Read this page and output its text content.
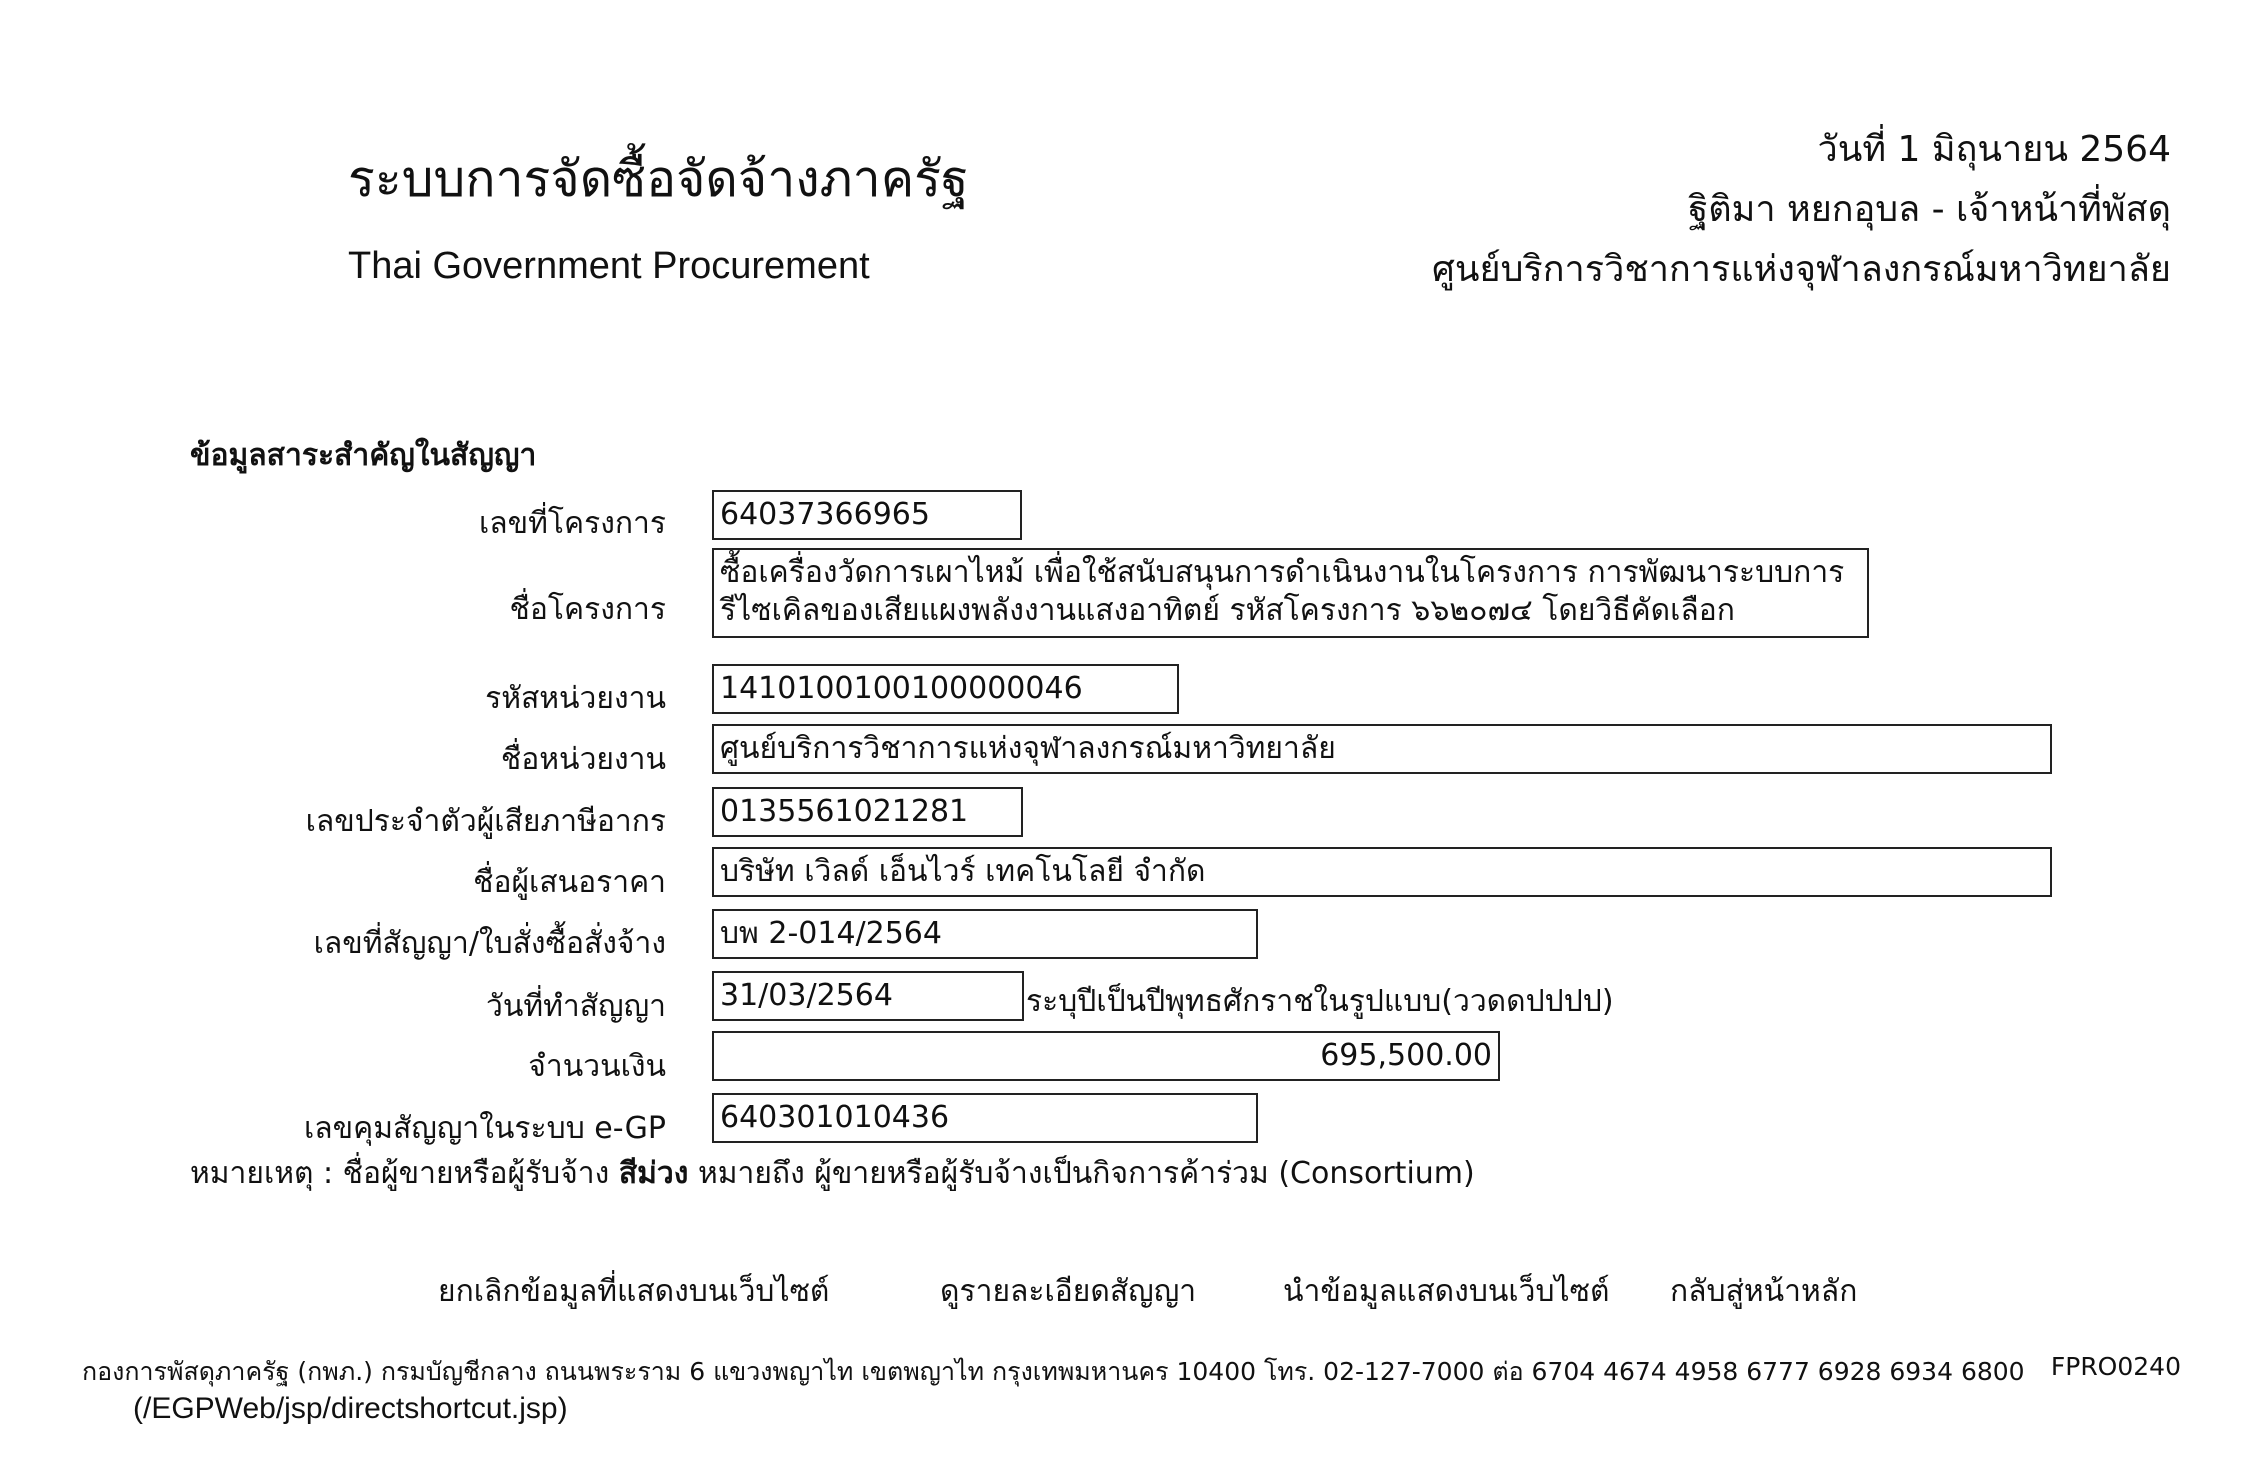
ระบบการจัดซื้อจัดจ้างภาครัฐ
Thai Government Procurement
วันที่ 1 มิถุนายน 2564
ฐิติมา หยกอุบล - เจ้าหน้าที่พัสดุ
ศูนย์บริการวิชาการแห่งจุฬาลงกรณ์มหาวิทยาลัย
ข้อมูลสาระสำคัญในสัญญา
เลขที่โครงการ 64037366965
ชื่อโครงการ
ซื้อเครื่องวัดการเผาไหม้ เพื่อใช้สนับสนุนการดำเนินงานในโครงการ การพัฒนาระบบการ
รีไซเคิลของเสียแผงพลังงานแสงอาทิตย์ รหัสโครงการ ๖๖๒๐๗๔ โดยวิธีคัดเลือก
รหัสหน่วยงาน 1410100100100000046
ชื่อหน่วยงาน ศูนย์บริการวิชาการแห่งจุฬาลงกรณ์มหาวิทยาลัย
เลขประจำตัวผู้เสียภาษีอากร 0135561021281
ชื่อผู้เสนอราคา บริษัท เวิลด์ เอ็นไวร์ เทคโนโลยี จำกัด
เลขที่สัญญา/ใบสั่งซื้อสั่งจ้าง บพ 2-014/2564
วันที่ทำสัญญา 31/03/2564	ระบุปีเป็นปีพุทธศักราชในรูปแบบ(ววดดปปปป)
จำนวนเงิน	695,500.00
เลขคุมสัญญาในระบบ e-GP 640301010436
หมายเหตุ : ชื่อผู้ขายหรือผู้รับจ้าง สีม่วง หมายถึง ผู้ขายหรือผู้รับจ้างเป็นกิจการค้าร่วม (Consortium)
ยกเลิกข้อมูลที่แสดงบนเว็บไซต์	ดูรายละเอียดสัญญา	นำข้อมูลแสดงบนเว็บไซต์ กลับสู่หน้าหลัก
กองการพัสดุภาครัฐ (กพภ.) กรมบัญชีกลาง ถนนพระราม 6 แขวงพญาไท เขตพญาไท กรุงเทพมหานคร 10400 โทร. 02-127-7000 ต่อ 6704 4674 4958 6777 6928 6934 6800 FPRO0240
(/EGPWeb/jsp/directshortcut.jsp)
